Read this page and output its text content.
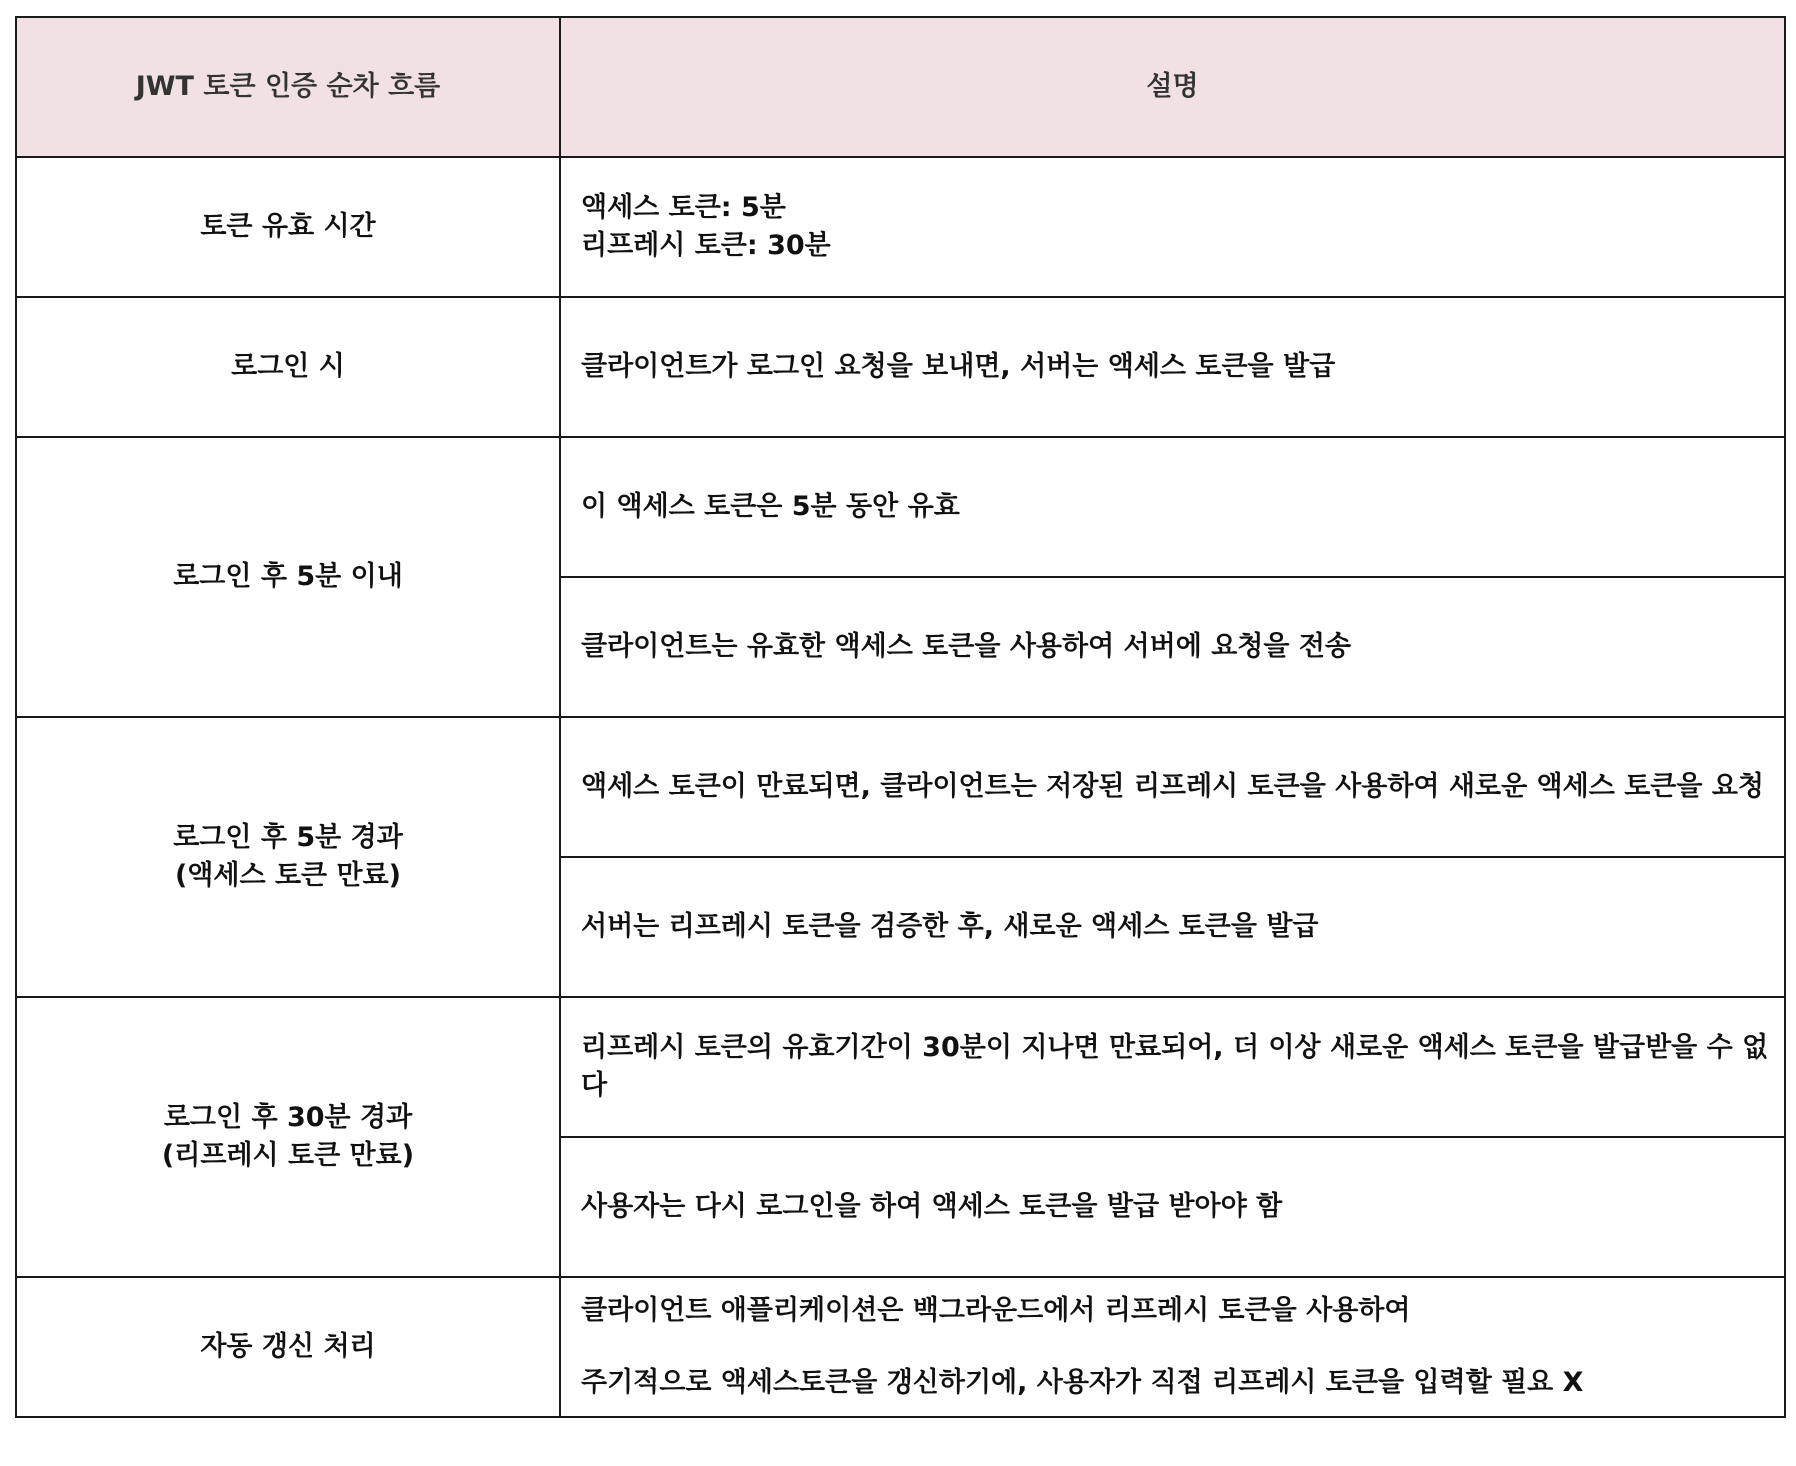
JWT 토큰 인증 순차 흐름	설명

토큰 유효 시간	액세스 토큰: 5분
리프레시 토큰: 30분

로그인 시	클라이언트가 로그인 요청을 보내면, 서버는 액세스 토큰을 발급

로그인 후 5분 이내	이 액세스 토큰은 5분 동안 유효

	클라이언트는 유효한 액세스 토큰을 사용하여 서버에 요청을 전송

로그인 후 5분 경과
(액세스 토큰 만료)	액세스 토큰이 만료되면, 클라이언트는 저장된 리프레시 토큰을 사용하여 새로운 액세스 토큰을 요청

	서버는 리프레시 토큰을 검증한 후, 새로운 액세스 토큰을 발급

로그인 후 30분 경과
(리프레시 토큰 만료)	리프레시 토큰의 유효기간이 30분이 지나면 만료되어, 더 이상 새로운 액세스 토큰을 발급받을 수 없다

	사용자는 다시 로그인을 하여 액세스 토큰을 발급 받아야 함

자동 갱신 처리	클라이언트 애플리케이션은 백그라운드에서 리프레시 토큰을 사용하여
주기적으로 액세스토큰을 갱신하기에, 사용자가 직접 리프레시 토큰을 입력할 필요 X
